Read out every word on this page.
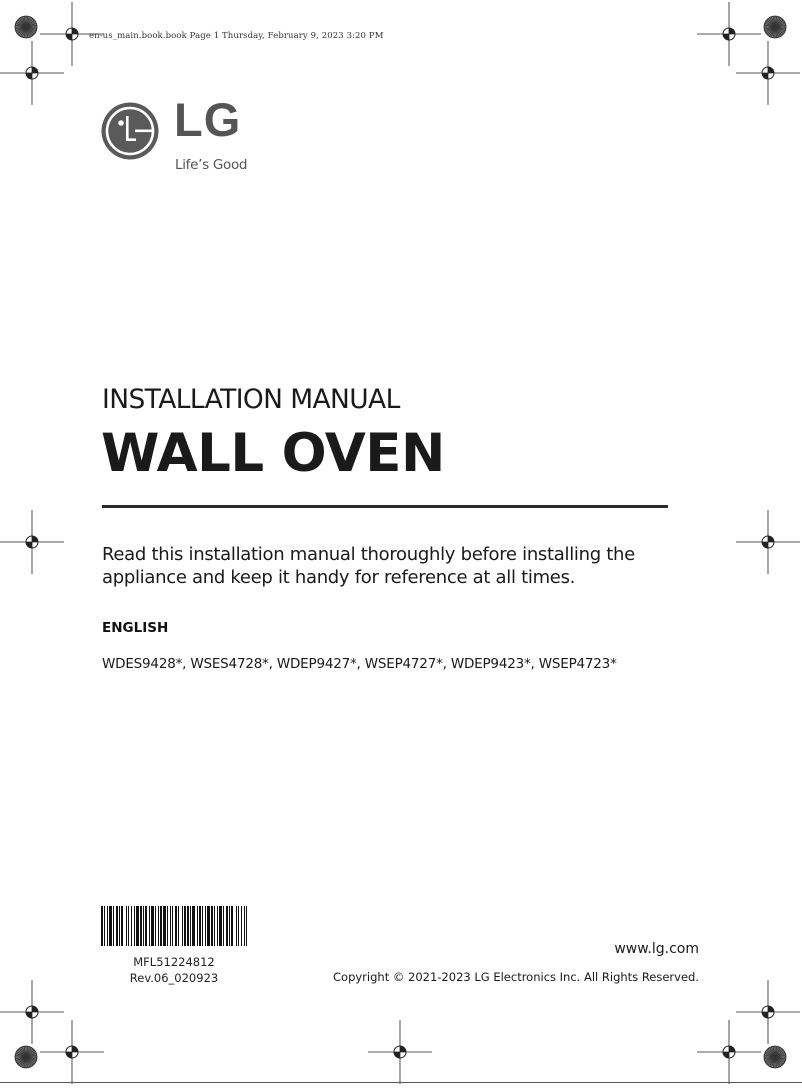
en-us_main.book.book Page 1 Thursday, February 9, 2023 3:20 PM
LG
Life’s Good
INSTALLATION MANUAL
WALL OVEN
Read this installation manual thoroughly before installing the appliance and keep it handy for reference at all times.
ENGLISH
WDES9428*, WSES4728*, WDEP9427*, WSEP4727*, WDEP9423*, WSEP4723*
MFL51224812
Rev.06_020923
www.lg.com
Copyright © 2021-2023 LG Electronics Inc. All Rights Reserved.
